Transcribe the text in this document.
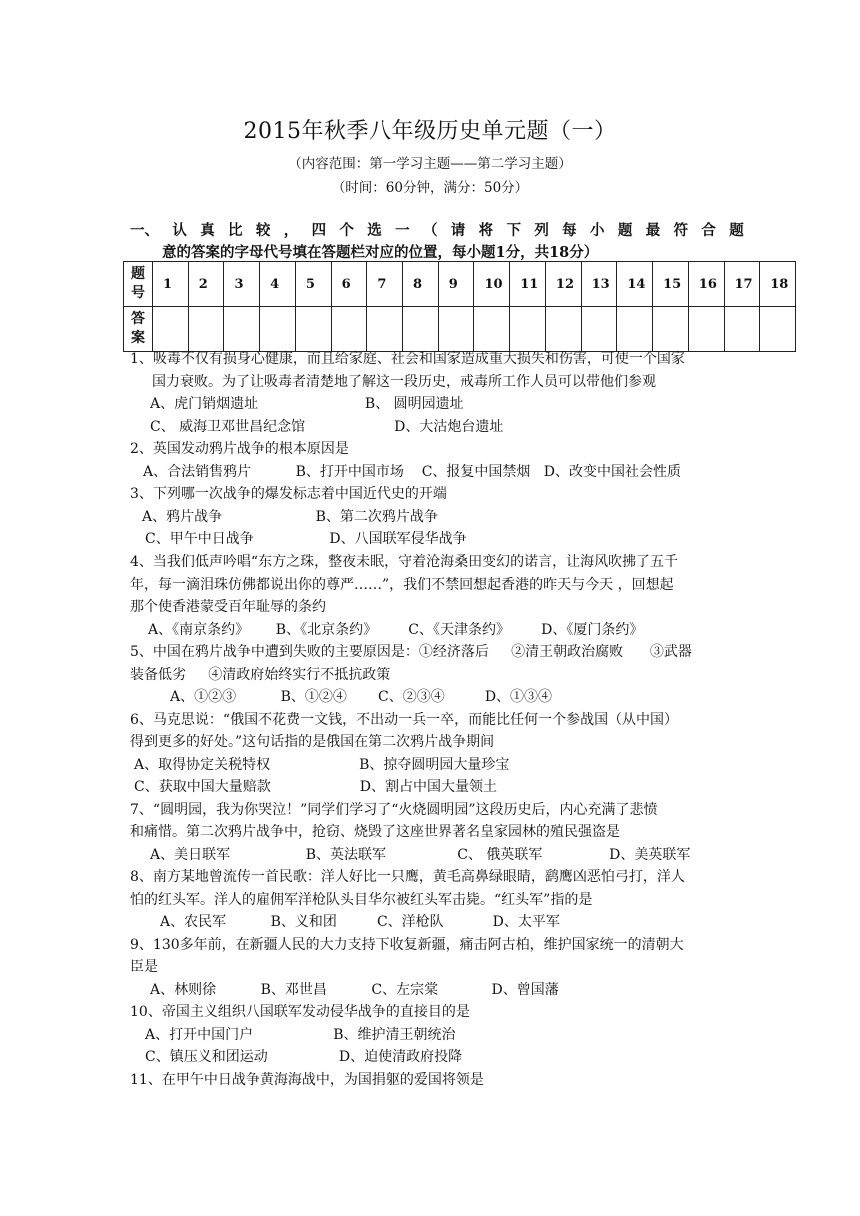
2015年秋季八年级历史单元题（一）
（内容范围：第一学习主题——第二学习主题）
（时间：60分钟，满分：50分）
一、 认 真 比 较 ， 四 个 选 一 （ 请 将 下 列 每 小 题 最 符 合 题
意的答案的字母代号填在答题栏对应的位置，每小题1分，共18分）
题
号	1	2	3	4	5	6	7	8	9	10	11	12	13	14	15	16	17	18
答
案																		
1、吸毒不仅有损身心健康，而且给家庭、社会和国家造成重大损失和伤害，可使一个国家
国力衰败。为了让吸毒者清楚地了解这一段历史，戒毒所工作人员可以带他们参观
A、虎门销烟遗址                        B、 圆明园遗址
C、 威海卫邓世昌纪念馆                    D、大沽炮台遗址
2、英国发动鸦片战争的根本原因是
A、合法销售鸦片          B、打开中国市场    C、报复中国禁烟   D、改变中国社会性质
3、下列哪一次战争的爆发标志着中国近代史的开端
A、鸦片战争                     B、第二次鸦片战争
C、甲午中日战争                 D、八国联军侵华战争
4、当我们低声吟唱“东方之珠，整夜未眠，守着沧海桑田变幻的诺言，让海风吹拂了五千
年，每一滴泪珠仿佛都说出你的尊严……”，我们不禁回想起香港的昨天与今天 ，回想起
那个使香港蒙受百年耻辱的条约
A、《南京条约》      B、《北京条约》       C、《天津条约》       D、《厦门条约》
5、中国在鸦片战争中遭到失败的主要原因是：①经济落后     ②清王朝政治腐败      ③武器
装备低劣     ④清政府始终实行不抵抗政策
A、①②③          B、①②④       C、②③④         D、①③④
6、马克思说：“俄国不花费一文钱，不出动一兵一卒，而能比任何一个参战国（从中国）
得到更多的好处。”这句话指的是俄国在第二次鸦片战争期间
A、取得协定关税特权                    B、掠夺圆明园大量珍宝
C、获取中国大量赔款                    D、割占中国大量领土
7、“圆明园，我为你哭泣！”同学们学习了“火烧圆明园”这段历史后，内心充满了悲愤
和痛惜。第二次鸦片战争中，抢窃、烧毁了这座世界著名皇家园林的殖民强盗是
A、美日联军                 B、英法联军                C、 俄英联军               D、美英联军
8、南方某地曾流传一首民歌：洋人好比一只鹰，黄毛高鼻绿眼睛，鹞鹰凶恶怕弓打，洋人
怕的红头军。洋人的雇佣军洋枪队头目华尔被红头军击毙。“红头军”指的是
A、农民军          B、义和团         C、洋枪队           D、太平军
9、130多年前，在新疆人民的大力支持下收复新疆，痛击阿古柏，维护国家统一的清朝大
臣是
A、林则徐          B、邓世昌          C、左宗棠            D、曾国藩
10、帝国主义组织八国联军发动侵华战争的直接目的是
A、打开中国门户                  B、维护清王朝统治
C、镇压义和团运动                D、迫使清政府投降
11、在甲午中日战争黄海海战中，为国捐躯的爱国将领是
